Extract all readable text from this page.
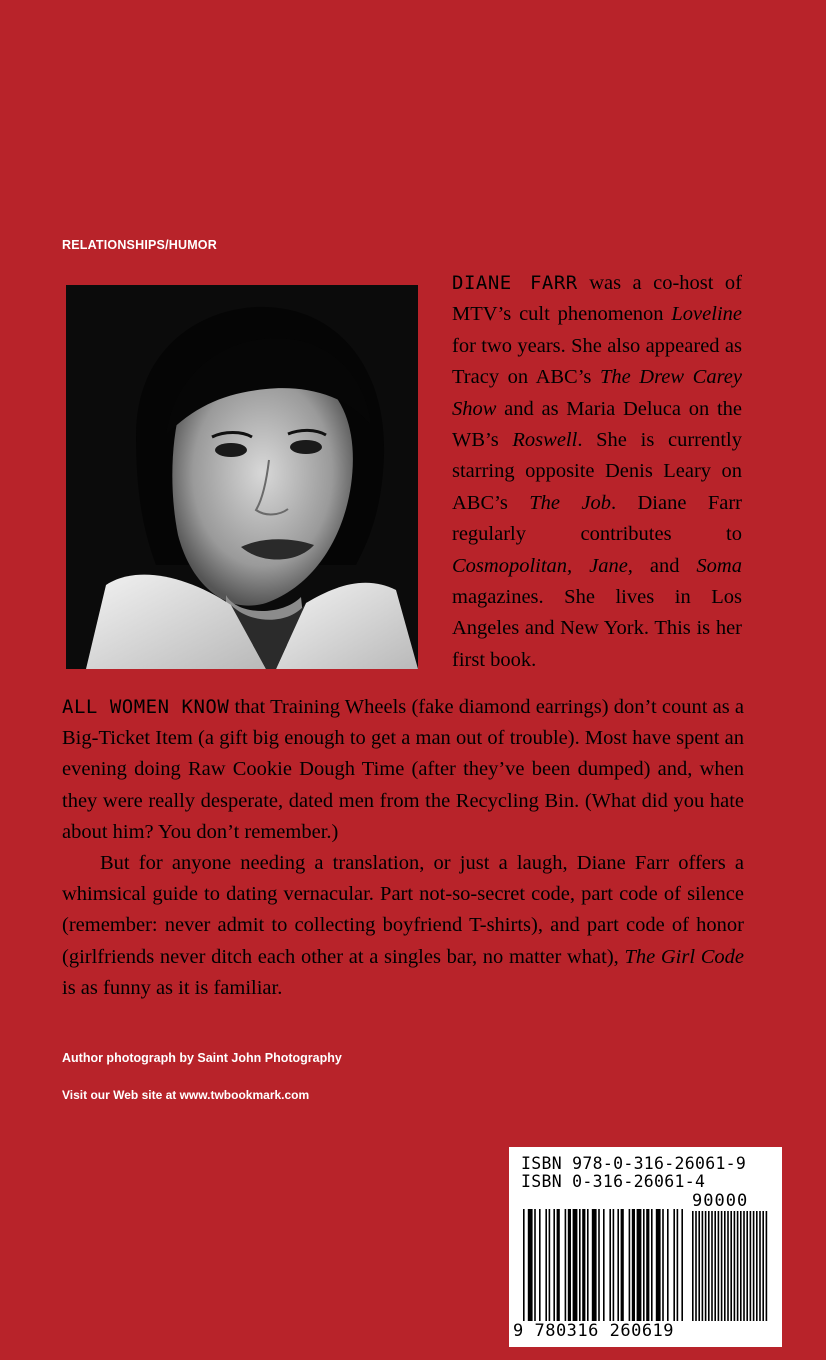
RELATIONSHIPS/HUMOR
DIANE FARR was a co-host of MTV’s cult phenomenon Loveline for two years. She also appeared as Tracy on ABC’s The Drew Carey Show and as Maria Deluca on the WB’s Roswell. She is currently starring opposite Denis Leary on ABC’s The Job. Diane Farr regularly contributes to Cosmopolitan, Jane, and Soma magazines. She lives in Los Angeles and New York. This is her first book.

ALL WOMEN KNOW that Training Wheels (fake diamond earrings) don’t count as a Big-Ticket Item (a gift big enough to get a man out of trouble). Most have spent an evening doing Raw Cookie Dough Time (after they’ve been dumped) and, when they were really desperate, dated men from the Recycling Bin. (What did you hate about him? You don’t remember.)

But for anyone needing a translation, or just a laugh, Diane Farr offers a whimsical guide to dating vernacular. Part not-so-secret code, part code of silence (remember: never admit to collecting boyfriend T-shirts), and part code of honor (girlfriends never ditch each other at a singles bar, no matter what), The Girl Code is as funny as it is familiar.

Author photograph by Saint John Photography
Visit our Web site at www.twbookmark.com
ISBN 978-0-316-26061-9
ISBN 0-316-26061-4
90000
9 780316 260619
